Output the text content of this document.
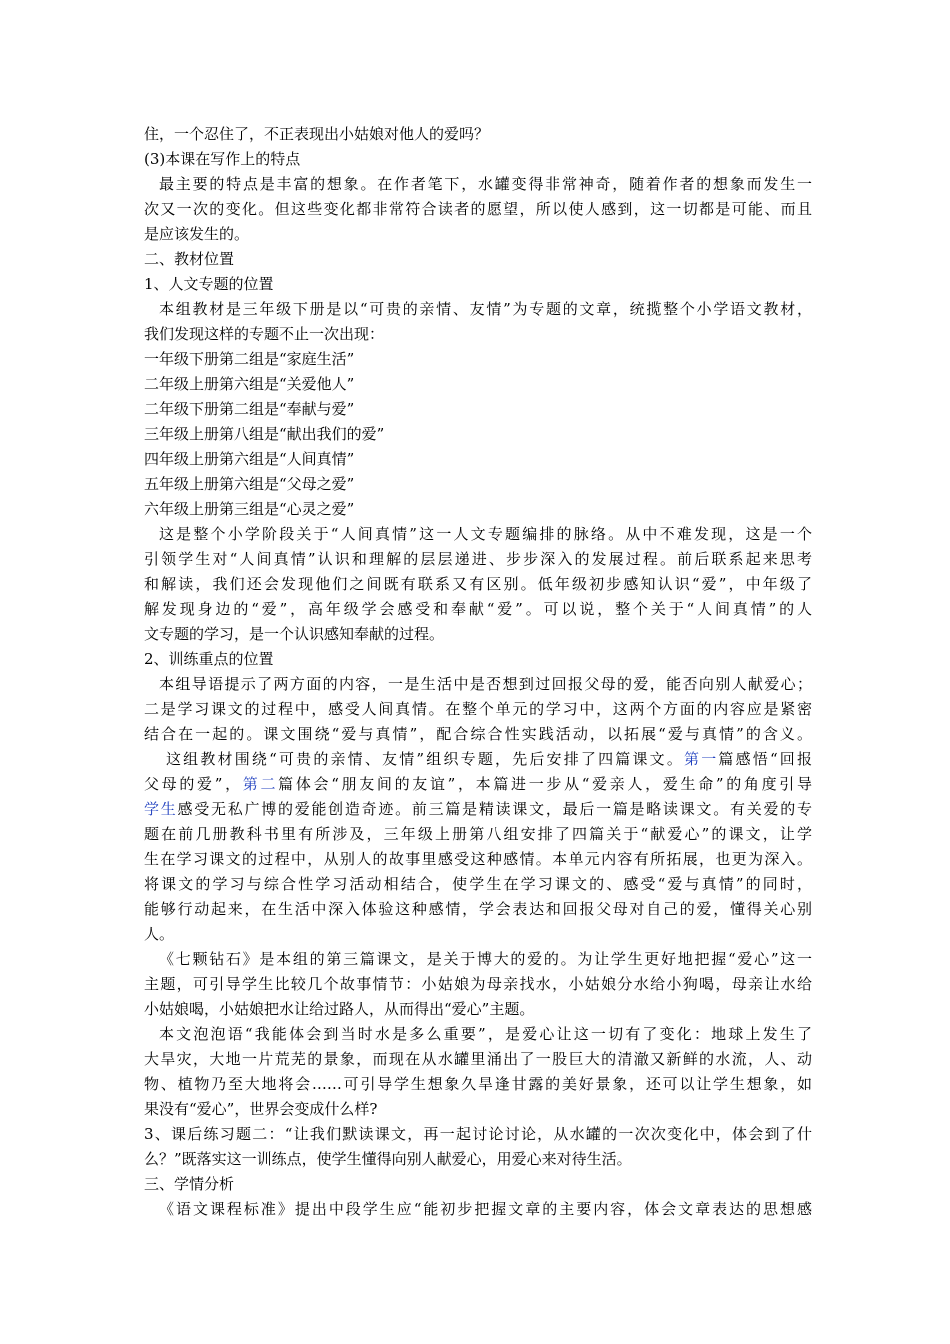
住，一个忍住了，不正表现出小姑娘对他人的爱吗？
(3)本课在写作上的特点
最主要的特点是丰富的想象。在作者笔下，水罐变得非常神奇，随着作者的想象而发生一
次又一次的变化。但这些变化都非常符合读者的愿望，所以使人感到，这一切都是可能、而且
是应该发生的。
二、教材位置
1、人文专题的位置
本组教材是三年级下册是以“可贵的亲情、友情”为专题的文章，统揽整个小学语文教材，
我们发现这样的专题不止一次出现：
一年级下册第二组是“家庭生活”
二年级上册第六组是“关爱他人”
二年级下册第二组是“奉献与爱”
三年级上册第八组是“献出我们的爱”
四年级上册第六组是“人间真情”
五年级上册第六组是“父母之爱”
六年级上册第三组是“心灵之爱”
这是整个小学阶段关于“人间真情”这一人文专题编排的脉络。从中不难发现，这是一个
引领学生对“人间真情”认识和理解的层层递进、步步深入的发展过程。前后联系起来思考
和解读，我们还会发现他们之间既有联系又有区别。低年级初步感知认识“爱”，中年级了
解发现身边的“爱”，高年级学会感受和奉献“爱”。可以说，整个关于“人间真情”的人
文专题的学习，是一个认识感知奉献的过程。
2、训练重点的位置
本组导语提示了两方面的内容，一是生活中是否想到过回报父母的爱，能否向别人献爱心；
二是学习课文的过程中，感受人间真情。在整个单元的学习中，这两个方面的内容应是紧密
结合在一起的。课文围绕“爱与真情”，配合综合性实践活动，以拓展“爱与真情”的含义。
这组教材围绕“可贵的亲情、友情”组织专题，先后安排了四篇课文。第一篇感悟“回报
父母的爱”，第二篇体会“朋友间的友谊”，本篇进一步从“爱亲人，爱生命”的角度引导
学生感受无私广博的爱能创造奇迹。前三篇是精读课文，最后一篇是略读课文。有关爱的专
题在前几册教科书里有所涉及，三年级上册第八组安排了四篇关于“献爱心”的课文，让学
生在学习课文的过程中，从别人的故事里感受这种感情。本单元内容有所拓展，也更为深入。
将课文的学习与综合性学习活动相结合，使学生在学习课文的、感受“爱与真情”的同时，
能够行动起来，在生活中深入体验这种感情，学会表达和回报父母对自己的爱，懂得关心别
人。
《七颗钻石》是本组的第三篇课文，是关于博大的爱的。为让学生更好地把握“爱心”这一
主题，可引导学生比较几个故事情节：小姑娘为母亲找水，小姑娘分水给小狗喝，母亲让水给
小姑娘喝，小姑娘把水让给过路人，从而得出“爱心”主题。
本文泡泡语“我能体会到当时水是多么重要”，是爱心让这一切有了变化：地球上发生了
大旱灾，大地一片荒芜的景象，而现在从水罐里涌出了一股巨大的清澈又新鲜的水流，人、动
物、植物乃至大地将会……可引导学生想象久旱逢甘露的美好景象，还可以让学生想象，如
果没有“爱心”，世界会变成什么样?
3、课后练习题二：“让我们默读课文，再一起讨论讨论，从水罐的一次次变化中，体会到了什
么？”既落实这一训练点，使学生懂得向别人献爱心，用爱心来对待生活。
三、学情分析
《语文课程标准》提出中段学生应“能初步把握文章的主要内容，体会文章表达的思想感
